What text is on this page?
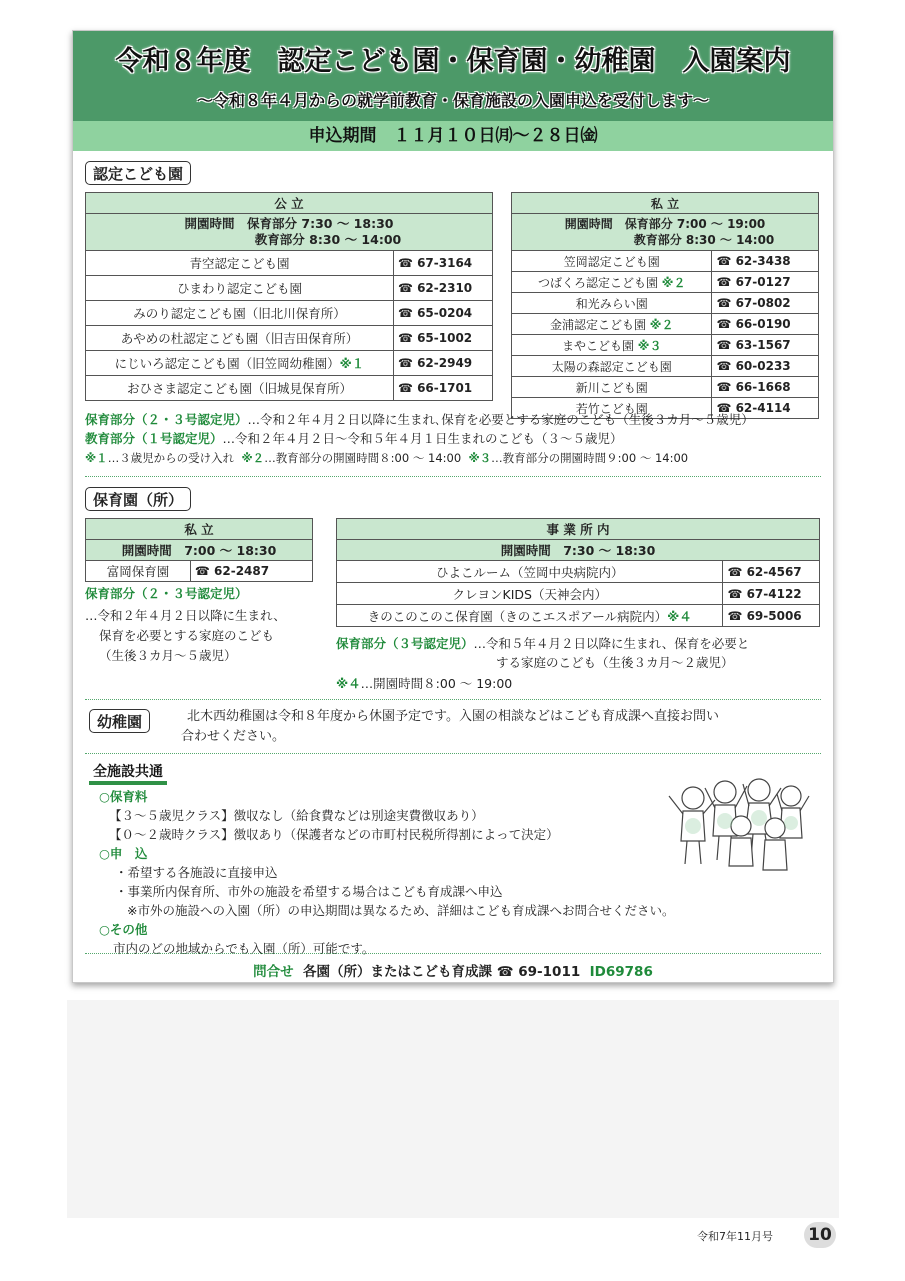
令和８年度　認定こども園・保育園・幼稚園　入園案内
～令和８年４月からの就学前教育・保育施設の入園申込を受付します～
申込期間　１１月１０日㈪～２８日㈮
認定こども園
公 立	

開園時間　保育部分 7:30 ～ 18:30
教育部分 8:30 ～ 14:00	

青空認定こども園	☎ 67-3164
ひまわり認定こども園	☎ 62-2310
みのり認定こども園（旧北川保育所）	☎ 65-0204
あやめの杜認定こども園（旧吉田保育所）	☎ 65-1002
にじいろ認定こども園（旧笠岡幼稚園）※１	☎ 62-2949
おひさま認定こども園（旧城見保育所）	☎ 66-1701
私 立	

開園時間　保育部分 7:00 ～ 19:00
教育部分 8:30 ～ 14:00	

笠岡認定こども園	☎ 62-3438
つばくろ認定こども園 ※２	☎ 67-0127
和光みらい園	☎ 67-0802
金浦認定こども園 ※２	☎ 66-0190
まやこども園 ※３	☎ 63-1567
太陽の森認定こども園	☎ 60-0233
新川こども園	☎ 66-1668
若竹こども園	☎ 62-4114
保育部分（２・３号認定児）…令和２年４月２日以降に生まれ､保育を必要とする家庭のこども（生後３カ月～５歳児）
教育部分（１号認定児）…令和２年４月２日～令和５年４月１日生まれのこども（３～５歳児）
※１…３歳児からの受け入れ ※２…教育部分の開園時間８:00 ～ 14:00 ※３…教育部分の開園時間９:00 ～ 14:00
保育園（所）
私 立
開園時間　7:00 ～ 18:30
富岡保育園	☎ 62-2487
保育部分（２・３号認定児）
…令和２年４月２日以降に生まれ、
保育を必要とする家庭のこども
（生後３カ月～５歳児）
事 業 所 内	
開園時間　7:30 ～ 18:30	
ひよこルーム（笠岡中央病院内）	☎ 62-4567
クレヨンKIDS（天神会内）	☎ 67-4122
きのこのこのこ保育園（きのこエスポアール病院内）※４	☎ 69-5006
保育部分（３号認定児）…令和５年４月２日以降に生まれ、保育を必要と
する家庭のこども（生後３カ月～２歳児）
※４…開園時間８:00 ～ 19:00
幼稚園	北木西幼稚園は令和８年度から休園予定です。入園の相談などはこども育成課へ直接お問い
合わせください。
全施設共通
○保育料
【３～５歳児クラス】徴収なし（給食費などは別途実費徴収あり）
【０～２歳時クラス】徴収あり（保護者などの市町村民税所得割によって決定）
○申　込
・希望する各施設に直接申込
・事業所内保育所、市外の施設を希望する場合はこども育成課へ申込
※市外の施設への入園（所）の申込期間は異なるため、詳細はこども育成課へお問合せください。
○その他
市内のどの地域からでも入園（所）可能です。
問合せ 各園（所）またはこども育成課 ☎ 69-1011 ID69786
令和7年11月号 10
